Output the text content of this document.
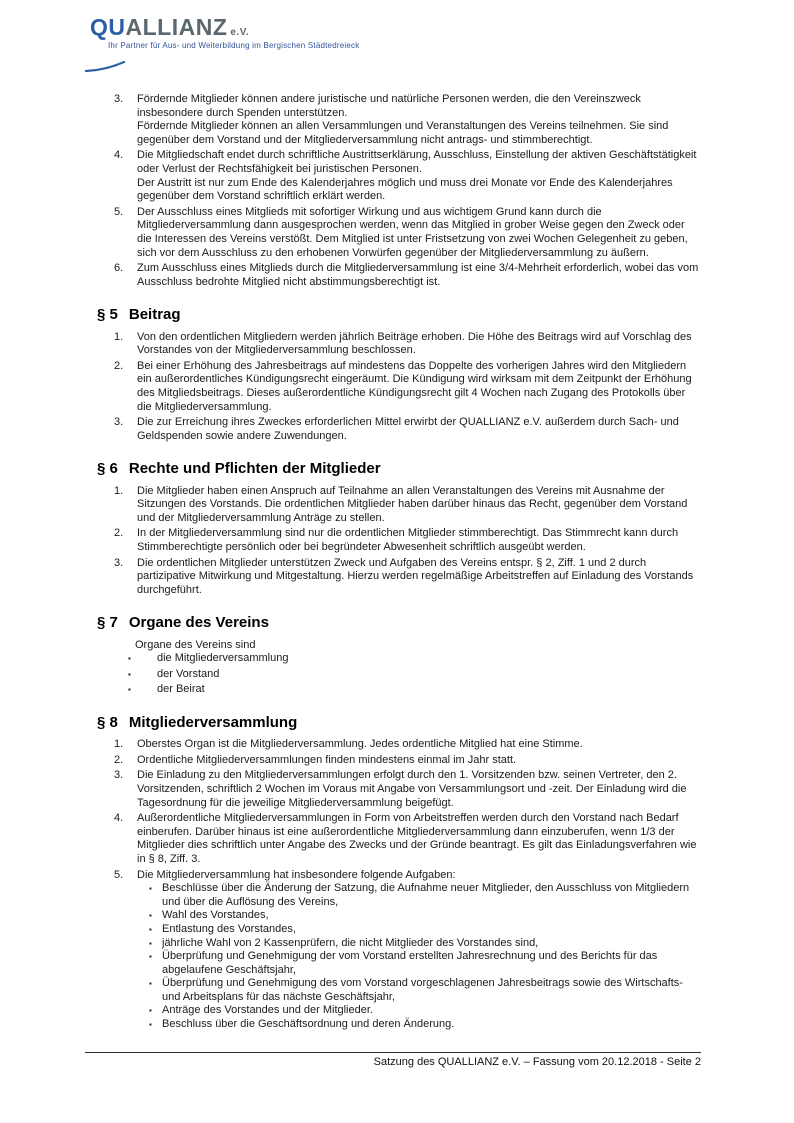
QUALLIANZ e.V.
Ihr Partner für Aus- und Weiterbildung im Bergischen Städtedreieck
3.	Fördernde Mitglieder können andere juristische und natürliche Personen werden, die den Vereinszweck insbesondere durch Spenden unterstützen.

Fördernde Mitglieder können an allen Versammlungen und Veranstaltungen des Vereins teilnehmen. Sie sind gegenüber dem Vorstand und der Mitgliederversammlung nicht antrags- und stimmberechtigt.

4.	Die Mitgliedschaft endet durch schriftliche Austrittserklärung, Ausschluss, Einstellung der aktiven Geschäftstätigkeit oder Verlust der Rechtsfähigkeit bei juristischen Personen.

Der Austritt ist nur zum Ende des Kalenderjahres möglich und muss drei Monate vor Ende des Kalenderjahres gegenüber dem Vorstand schriftlich erklärt werden.

5.	Der Ausschluss eines Mitglieds mit sofortiger Wirkung und aus wichtigem Grund kann durch die Mitgliederversammlung dann ausgesprochen werden, wenn das Mitglied in grober Weise gegen den Zweck oder die Interessen des Vereins verstößt. Dem Mitglied ist unter Fristsetzung von zwei Wochen Gelegenheit zu geben, sich vor dem Ausschluss zu den erhobenen Vorwürfen gegenüber der Mitgliederversammlung zu äußern.

6.	Zum Ausschluss eines Mitglieds durch die Mitgliederversammlung ist eine 3/4-Mehrheit erforderlich, wobei das vom Ausschluss bedrohte Mitglied nicht abstimmungsberechtigt ist.

§ 5 Beitrag
1.	Von den ordentlichen Mitgliedern werden jährlich Beiträge erhoben. Die Höhe des Beitrags wird auf Vorschlag des Vorstandes von der Mitgliederversammlung beschlossen.

2.	Bei einer Erhöhung des Jahresbeitrags auf mindestens das Doppelte des vorherigen Jahres wird den Mitgliedern ein außerordentliches Kündigungsrecht eingeräumt. Die Kündigung wird wirksam mit dem Zeitpunkt der Erhöhung des Mitgliedsbeitrags. Dieses außerordentliche Kündigungsrecht gilt 4 Wochen nach Zugang des Protokolls über die Mitgliederversammlung.

3.	Die zur Erreichung ihres Zweckes erforderlichen Mittel erwirbt der QUALLIANZ e.V. außerdem durch Sach- und Geldspenden sowie andere Zuwendungen.

§ 6 Rechte und Pflichten der Mitglieder
1.	Die Mitglieder haben einen Anspruch auf Teilnahme an allen Veranstaltungen des Vereins mit Ausnahme der Sitzungen des Vorstands. Die ordentlichen Mitglieder haben darüber hinaus das Recht, gegenüber dem Vorstand und der Mitgliederversammlung Anträge zu stellen.

2.	In der Mitgliederversammlung sind nur die ordentlichen Mitglieder stimmberechtigt. Das Stimmrecht kann durch Stimmberechtigte persönlich oder bei begründeter Abwesenheit schriftlich ausgeübt werden.

3.	Die ordentlichen Mitglieder unterstützen Zweck und Aufgaben des Vereins entspr. § 2, Ziff. 1 und 2 durch partizipative Mitwirkung und Mitgestaltung. Hierzu werden regelmäßige Arbeitstreffen auf Einladung des Vorstands durchgeführt.

§ 7 Organe des Vereins

Organe des Vereins sind

▪	die Mitgliederversammlung

▪	der Vorstand

▪	der Beirat

§ 8 Mitgliederversammlung
1.	Oberstes Organ ist die Mitgliederversammlung. Jedes ordentliche Mitglied hat eine Stimme.

2.	Ordentliche Mitgliederversammlungen finden mindestens einmal im Jahr statt.

3.	Die Einladung zu den Mitgliederversammlungen erfolgt durch den 1. Vorsitzenden bzw. seinen Vertreter, den 2. Vorsitzenden, schriftlich 2 Wochen im Voraus mit Angabe von Versammlungsort und -zeit. Der Einladung wird die Tagesordnung für die jeweilige Mitgliederversammlung beigefügt.

4.	Außerordentliche Mitgliederversammlungen in Form von Arbeitstreffen werden durch den Vorstand nach Bedarf einberufen. Darüber hinaus ist eine außerordentliche Mitgliederversammlung dann einzuberufen, wenn 1/3 der Mitglieder dies schriftlich unter Angabe des Zwecks und der Gründe beantragt. Es gilt das Einladungsverfahren wie in § 8, Ziff. 3.

5.	Die Mitgliederversammlung hat insbesondere folgende Aufgaben:

▪ Beschlüsse über die Änderung der Satzung, die Aufnahme neuer Mitglieder, den Ausschluss von Mitgliedern und über die Auflösung des Vereins,

▪ Wahl des Vorstandes,

▪ Entlastung des Vorstandes,

▪ jährliche Wahl von 2 Kassenprüfern, die nicht Mitglieder des Vorstandes sind,

▪ Überprüfung und Genehmigung der vom Vorstand erstellten Jahresrechnung und des Berichts für das abgelaufene Geschäftsjahr,

▪ Überprüfung und Genehmigung des vom Vorstand vorgeschlagenen Jahresbeitrags sowie des Wirtschafts- und Arbeitsplans für das nächste Geschäftsjahr,

▪ Anträge des Vorstandes und der Mitglieder.

▪ Beschluss über die Geschäftsordnung und deren Änderung.

Satzung des QUALLIANZ e.V. – Fassung vom 20.12.2018 - Seite 2
